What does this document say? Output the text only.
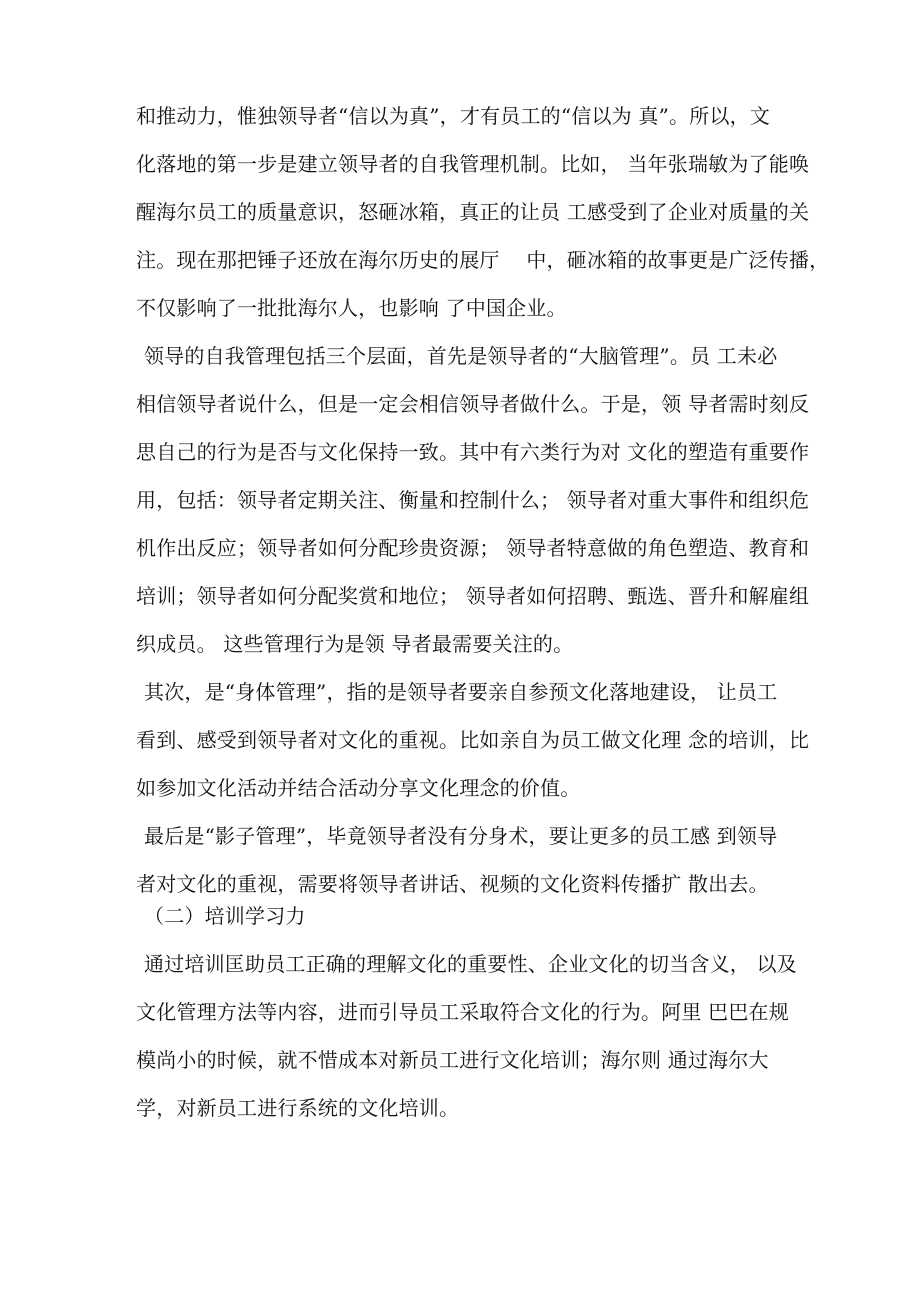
和推动力，惟独领导者“信以为真”，才有员工的“信以为 真”。所以，文
化落地的第一步是建立领导者的自我管理机制。比如， 当年张瑞敏为了能唤
醒海尔员工的质量意识，怒砸冰箱，真正的让员 工感受到了企业对质量的关
注。现在那把锤子还放在海尔历史的展厅　 中，砸冰箱的故事更是广泛传播，
不仅影响了一批批海尔人，也影响 了中国企业。
领导的自我管理包括三个层面，首先是领导者的“大脑管理”。员 工未必
相信领导者说什么，但是一定会相信领导者做什么。于是，领 导者需时刻反
思自己的行为是否与文化保持一致。其中有六类行为对 文化的塑造有重要作
用，包括：领导者定期关注、衡量和控制什么； 领导者对重大事件和组织危
机作出反应；领导者如何分配珍贵资源； 领导者特意做的角色塑造、教育和
培训；领导者如何分配奖赏和地位； 领导者如何招聘、甄选、晋升和解雇组
织成员。 这些管理行为是领 导者最需要关注的。
其次，是“身体管理”，指的是领导者要亲自参预文化落地建设， 让员工
看到、感受到领导者对文化的重视。比如亲自为员工做文化理 念的培训，比
如参加文化活动并结合活动分享文化理念的价值。
最后是“影子管理”，毕竟领导者没有分身术，要让更多的员工感 到领导
者对文化的重视，需要将领导者讲话、视频的文化资料传播扩 散出去。
（二）培训学习力
通过培训匡助员工正确的理解文化的重要性、企业文化的切当含义， 以及
文化管理方法等内容，进而引导员工采取符合文化的行为。阿里 巴巴在规
模尚小的时候，就不惜成本对新员工进行文化培训；海尔则 通过海尔大
学，对新员工进行系统的文化培训。
